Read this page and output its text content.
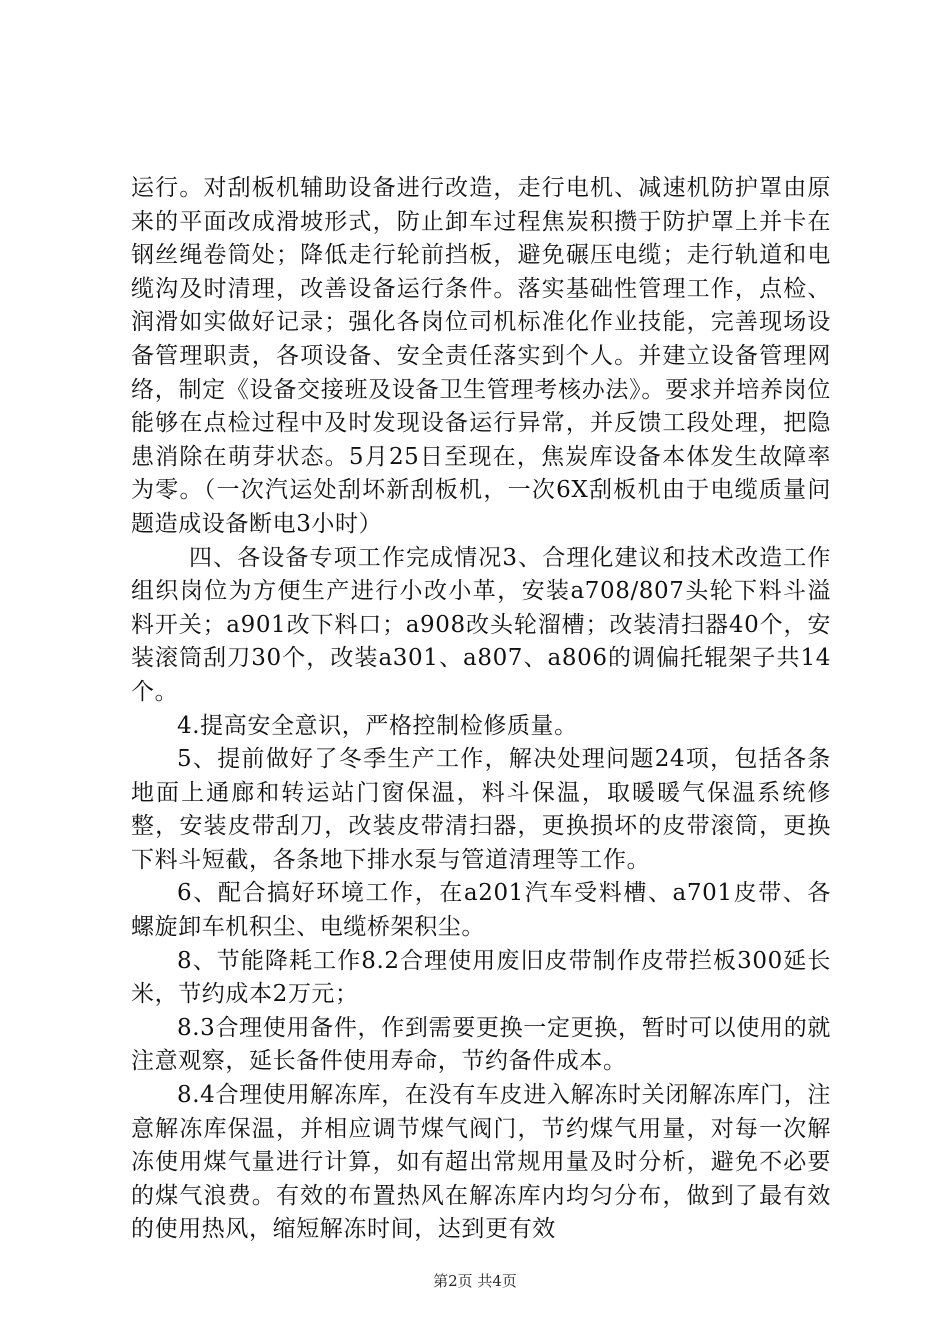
运行。对刮板机辅助设备进行改造，走行电机、减速机防护罩由原来的平面改成滑坡形式，防止卸车过程焦炭积攒于防护罩上并卡在钢丝绳卷筒处；降低走行轮前挡板，避免碾压电缆；走行轨道和电缆沟及时清理，改善设备运行条件。落实基础性管理工作，点检、润滑如实做好记录；强化各岗位司机标准化作业技能，完善现场设备管理职责，各项设备、安全责任落实到个人。并建立设备管理网络，制定《设备交接班及设备卫生管理考核办法》。要求并培养岗位能够在点检过程中及时发现设备运行异常，并反馈工段处理，把隐患消除在萌芽状态。5月25日至现在，焦炭库设备本体发生故障率为零。（一次汽运处刮坏新刮板机，一次6X刮板机由于电缆质量问题造成设备断电3小时）

四、各设备专项工作完成情况3、合理化建议和技术改造工作组织岗位为方便生产进行小改小革，安装a708/807头轮下料斗溢料开关；a901改下料口；a908改头轮溜槽；改装清扫器40个，安装滚筒刮刀30个，改装a301、a807、a806的调偏托辊架子共14个。

4.提高安全意识，严格控制检修质量。

5、提前做好了冬季生产工作，解决处理问题24项，包括各条地面上通廊和转运站门窗保温，料斗保温，取暖暖气保温系统修整，安装皮带刮刀，改装皮带清扫器，更换损坏的皮带滚筒，更换下料斗短截，各条地下排水泵与管道清理等工作。

6、配合搞好环境工作，在a201汽车受料槽、a701皮带、各螺旋卸车机积尘、电缆桥架积尘。

8、节能降耗工作8.2合理使用废旧皮带制作皮带拦板300延长米，节约成本2万元；

8.3合理使用备件，作到需要更换一定更换，暂时可以使用的就注意观察，延长备件使用寿命，节约备件成本。

8.4合理使用解冻库，在没有车皮进入解冻时关闭解冻库门，注意解冻库保温，并相应调节煤气阀门，节约煤气用量，对每一次解冻使用煤气量进行计算，如有超出常规用量及时分析，避免不必要的煤气浪费。有效的布置热风在解冻库内均匀分布，做到了最有效的使用热风，缩短解冻时间，达到更有效

第2页 共4页
